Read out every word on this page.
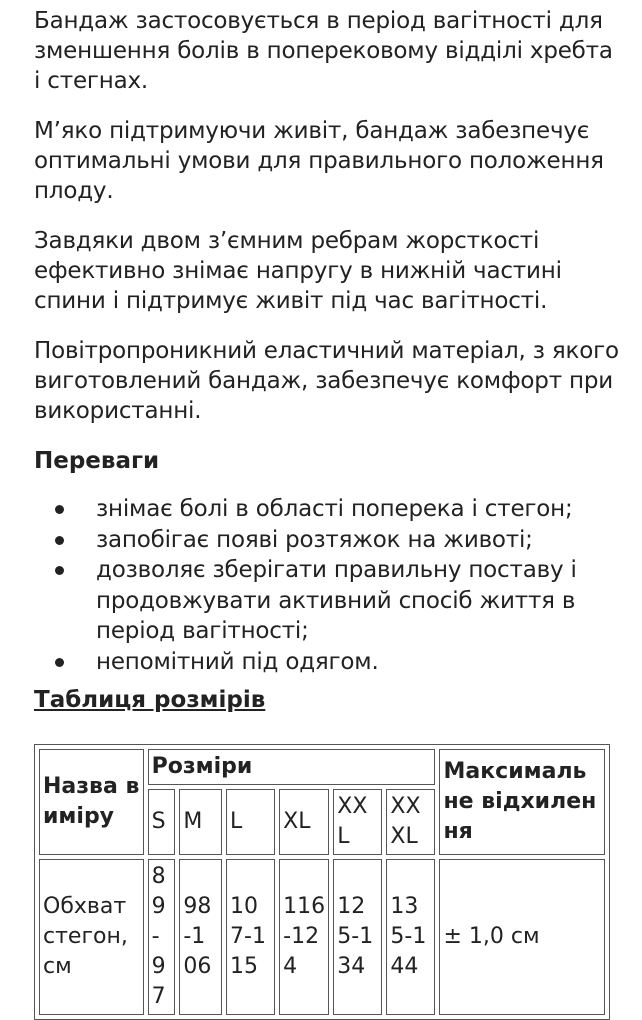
Бандаж застосовується в період вагітності для зменшення болів в поперековому відділі хребта і стегнах.

М’яко підтримуючи живіт, бандаж забезпечує оптимальні умови для правильного положення плоду.

Завдяки двом з’ємним ребрам жорсткості ефективно знімає напругу в нижній частині спини і підтримує живіт під час вагітності.

Повітропроникний еластичний матеріал, з якого виготовлений бандаж, забезпечує комфорт при використанні.

Переваги
знімає болі в області поперека і стегон;
запобігає появі розтяжок на животі;
дозволяє зберігати правильну поставу і продовжувати активний спосіб життя в період вагітності;
непомітний під одягом.
Таблиця розмірів
Назва виміру	Розміри						Максимальне відхилення
	S	M	L	XL	XXL	XXXL	
Обхват стегон, см	89-97	98-106	107-115	116-124	125-134	135-144	± 1,0 см
